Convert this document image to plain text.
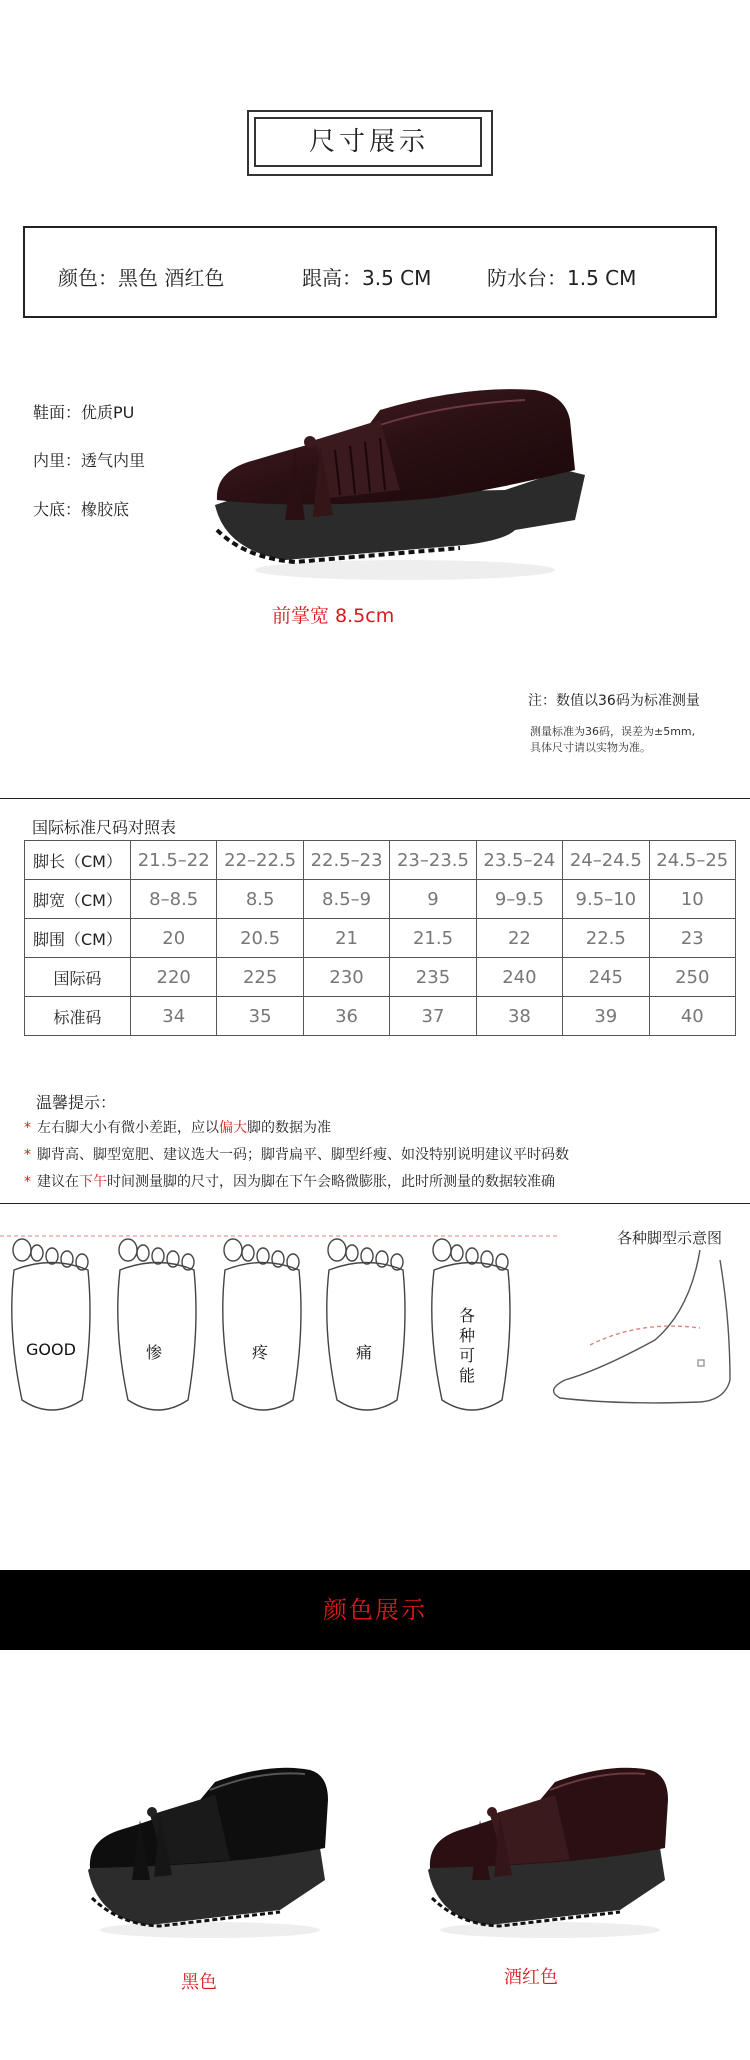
尺寸展示
颜色：黑色 酒红色	跟高：3.5 CM	防水台：1.5 CM
鞋面：优质PU
内里：透气内里
大底：橡胶底
前掌宽 8.5cm
注：数值以36码为标准测量
测量标准为36码，误差为±5mm,
具体尺寸请以实物为准。
国际标准尺码对照表
脚长（CM）	21.5–22	22–22.5	22.5–23	23–23.5	23.5–24	24–24.5	24.5–25
脚宽（CM）	8–8.5	8.5	8.5–9	9	9–9.5	9.5–10	10
脚围（CM）	20	20.5	21	21.5	22	22.5	23
国际码	220	225	230	235	240	245	250
标准码	34	35	36	37	38	39	40
温馨提示：
* 左右脚大小有微小差距，应以偏大脚的数据为准
* 脚背高、脚型宽肥、建议选大一码；脚背扁平、脚型纤瘦、如没特别说明建议平时码数
* 建议在下午时间测量脚的尺寸，因为脚在下午会略微膨胀，此时所测量的数据较准确
各种脚型示意图
GOOD	惨	疼	痛
各
种
可
能
颜色展示
黑色	酒红色
